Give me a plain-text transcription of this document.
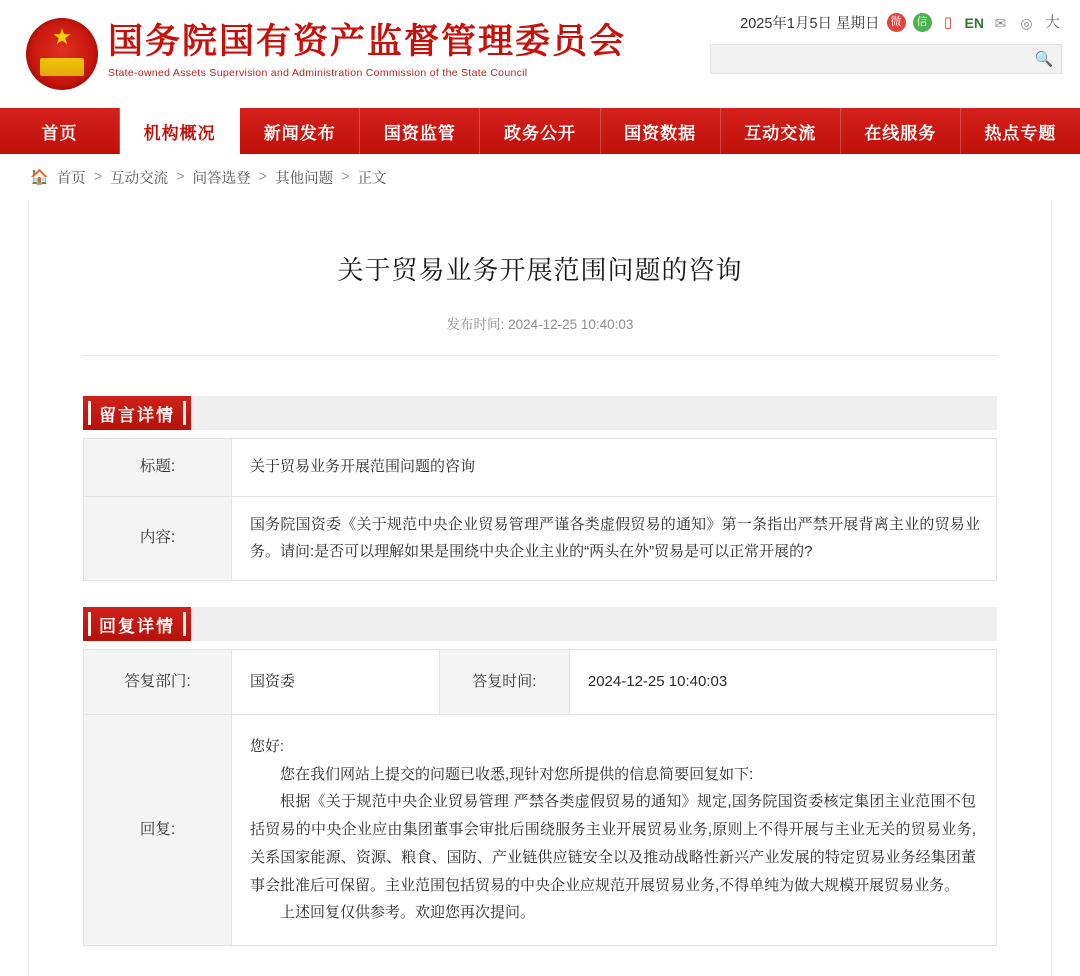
★
国务院国有资产监督管理委员会
State-owned Assets Supervision and Administration Commission of the State Council
2025年1月5日 星期日	微	信	▯ EN ✉ ◎ 大
🔍
首页	机构概况	新闻发布	国资监管	政务公开	国资数据	互动交流	在线服务	热点专题
🏠 首页 > 互动交流 > 问答选登 > 其他问题 > 正文
关于贸易业务开展范围问题的咨询
发布时间: 2024-12-25 10:40:03
留言详情
标题:	关于贸易业务开展范围问题的咨询
内容:	国务院国资委《关于规范中央企业贸易管理严谨各类虚假贸易的通知》第一条指出严禁开展背离主业的贸易业务。请问:是否可以理解如果是围绕中央企业主业的“两头在外”贸易是可以正常开展的?
回复详情
答复部门:	国资委	答复时间:	2024-12-25 10:40:03
回复:	您好:

您在我们网站上提交的问题已收悉,现针对您所提供的信息简要回复如下:

根据《关于规范中央企业贸易管理 严禁各类虚假贸易的通知》规定,国务院国资委核定集团主业范围不包括贸易的中央企业应由集团董事会审批后围绕服务主业开展贸易业务,原则上不得开展与主业无关的贸易业务,关系国家能源、资源、粮食、国防、产业链供应链安全以及推动战略性新兴产业发展的特定贸易业务经集团董事会批准后可保留。主业范围包括贸易的中央企业应规范开展贸易业务,不得单纯为做大规模开展贸易业务。

上述回复仅供参考。欢迎您再次提问。		
